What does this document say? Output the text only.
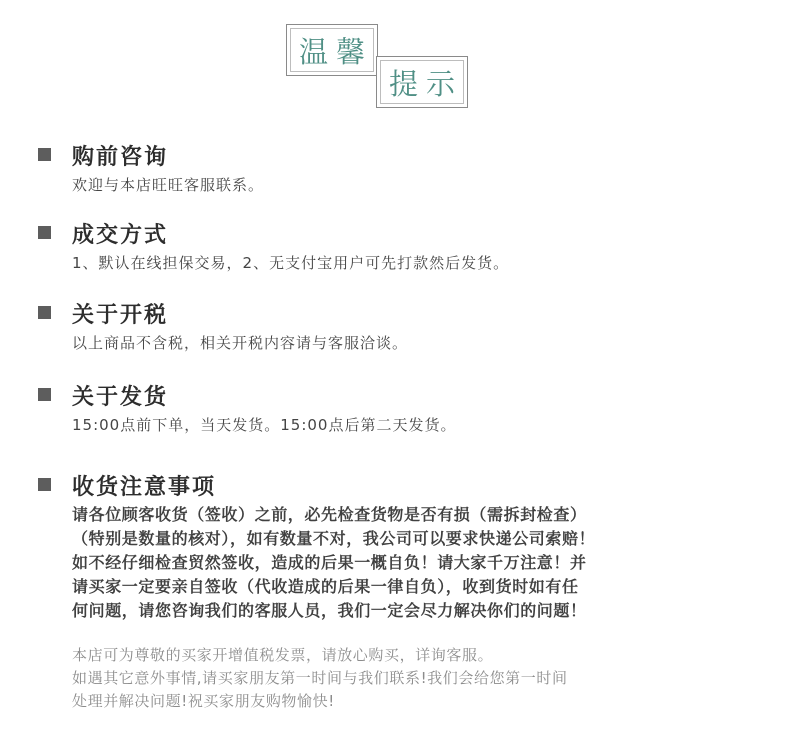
温馨
提示
购前咨询
欢迎与本店旺旺客服联系。
成交方式
1、默认在线担保交易，2、无支付宝用户可先打款然后发货。
关于开税
以上商品不含税，相关开税内容请与客服洽谈。
关于发货
15:00点前下单，当天发货。15:00点后第二天发货。
收货注意事项
请各位顾客收货（签收）之前，必先检查货物是否有损（需拆封检查）
（特别是数量的核对），如有数量不对，我公司可以要求快递公司索赔！
如不经仔细检查贸然签收，造成的后果一概自负！请大家千万注意！并
请买家一定要亲自签收（代收造成的后果一律自负），收到货时如有任
何问题，请您咨询我们的客服人员，我们一定会尽力解决你们的问题！
本店可为尊敬的买家开增值税发票，请放心购买，详询客服。
如遇其它意外事情,请买家朋友第一时间与我们联系!我们会给您第一时间
处理并解决问题!祝买家朋友购物愉快!
